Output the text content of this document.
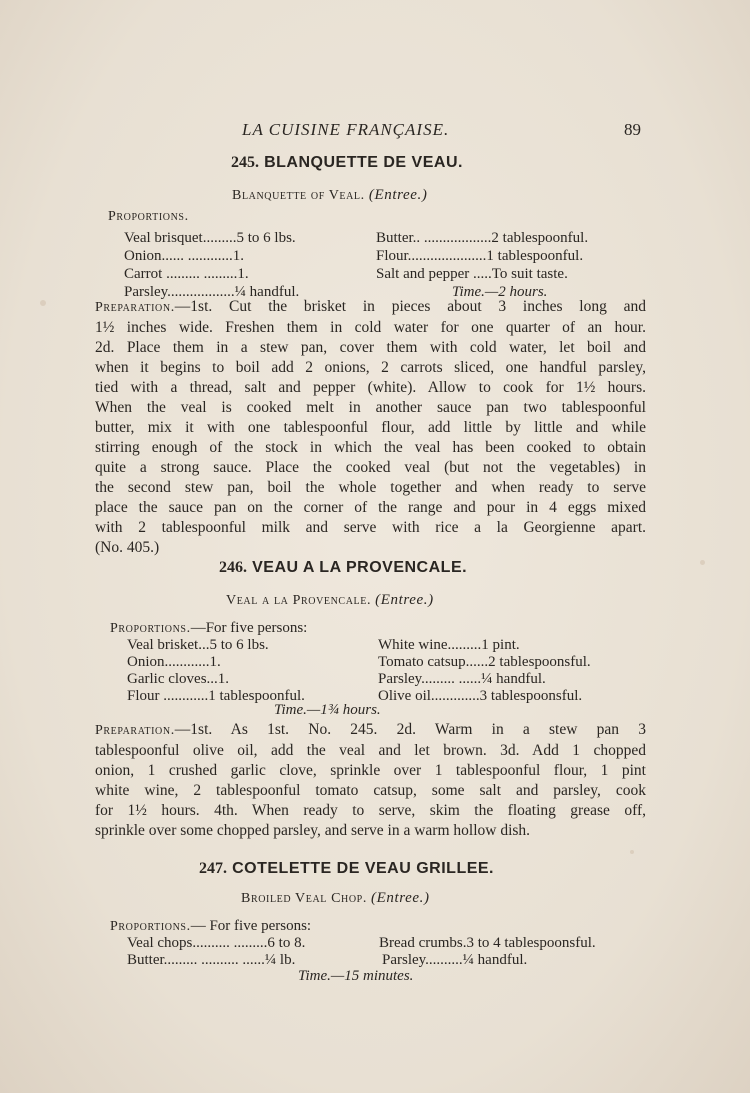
LA CUISINE FRANÇAISE.	89
245. BLANQUETTE DE VEAU.
Blanquette of Veal. (Entree.)
Proportions.
Veal brisquet.........5 to 6 lbs.
Onion...... ............1.
Carrot ......... .........1.
Parsley..................¼ handful.
Butter.. ..................2 tablespoonful.
Flour.....................1 tablespoonful.
Salt and pepper .....To suit taste.
Time.—2 hours.
Preparation.—1st. Cut the brisket in pieces about 3 inches long and
1½ inches wide. Freshen them in cold water for one quarter of an hour.
2d. Place them in a stew pan, cover them with cold water, let boil and
when it begins to boil add 2 onions, 2 carrots sliced, one handful parsley,
tied with a thread, salt and pepper (white). Allow to cook for 1½ hours.
When the veal is cooked melt in another sauce pan two tablespoonful
butter, mix it with one tablespoonful flour, add little by little and while
stirring enough of the stock in which the veal has been cooked to obtain
quite a strong sauce. Place the cooked veal (but not the vegetables) in
the second stew pan, boil the whole together and when ready to serve
place the sauce pan on the corner of the range and pour in 4 eggs mixed
with 2 tablespoonful milk and serve with rice a la Georgienne apart.
(No. 405.)
246. VEAU A LA PROVENCALE.
Veal a la Provencale. (Entree.)
Proportions.—For five persons:
Veal brisket...5 to 6 lbs.
Onion............1.
Garlic cloves...1.
Flour ............1 tablespoonful.
White wine.........1 pint.
Tomato catsup......2 tablespoonsful.
Parsley......... ......¼ handful.
Olive oil.............3 tablespoonsful.
Time.—1¾ hours.
Preparation.—1st. As 1st. No. 245. 2d. Warm in a stew pan 3
tablespoonful olive oil, add the veal and let brown. 3d. Add 1 chopped
onion, 1 crushed garlic clove, sprinkle over 1 tablespoonful flour, 1 pint
white wine, 2 tablespoonful tomato catsup, some salt and parsley, cook
for 1½ hours. 4th. When ready to serve, skim the floating grease off,
sprinkle over some chopped parsley, and serve in a warm hollow dish.
247. COTELETTE DE VEAU GRILLEE.
Broiled Veal Chop. (Entree.)
Proportions.— For five persons:
Veal chops.......... .........6 to 8.
Butter......... .......... ......¼ lb.
Bread crumbs.3 to 4 tablespoonsful.
Parsley..........¼ handful.
Time.—15 minutes.
